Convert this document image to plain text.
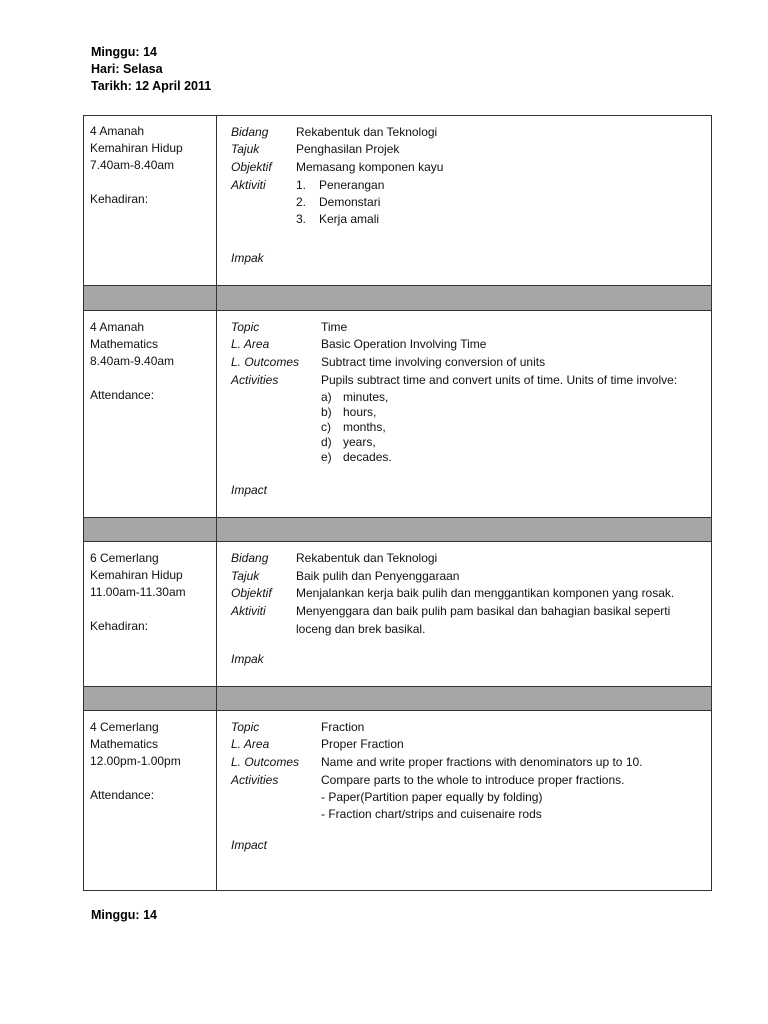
Minggu: 14
Hari: Selasa
Tarikh: 12 April 2011
4 Amanah
Kemahiran Hidup
7.40am-8.40am
Kehadiran:
Bidang
Tajuk
Objektif
Aktiviti
Rekabentuk dan Teknologi
Penghasilan Projek
Memasang komponen kayu
1. Penerangan
2. Demonstari
3. Kerja amali
Impak
4 Amanah
Mathematics
8.40am-9.40am
Attendance:
Topic
L. Area
L. Outcomes
Activities
Time
Basic Operation Involving Time
Subtract time involving conversion of units
Pupils subtract time and convert units of time. Units of time involve:
a) minutes,
b) hours,
c) months,
d) years,
e) decades.
Impact
6 Cemerlang
Kemahiran Hidup
11.00am-11.30am
Kehadiran:
Bidang
Tajuk
Objektif
Aktiviti
Rekabentuk dan Teknologi
Baik pulih dan Penyenggaraan
Menjalankan kerja baik pulih dan menggantikan komponen yang rosak.
Menyenggara dan baik pulih pam basikal dan bahagian basikal seperti
loceng dan brek basikal.
Impak
4 Cemerlang
Mathematics
12.00pm-1.00pm
Attendance:
Topic
L. Area
L. Outcomes
Activities
Fraction
Proper Fraction
Name and write proper fractions with denominators up to 10.
Compare parts to the whole to introduce proper fractions.
- Paper(Partition paper equally by folding)
- Fraction chart/strips and cuisenaire rods
Impact
Minggu: 14
